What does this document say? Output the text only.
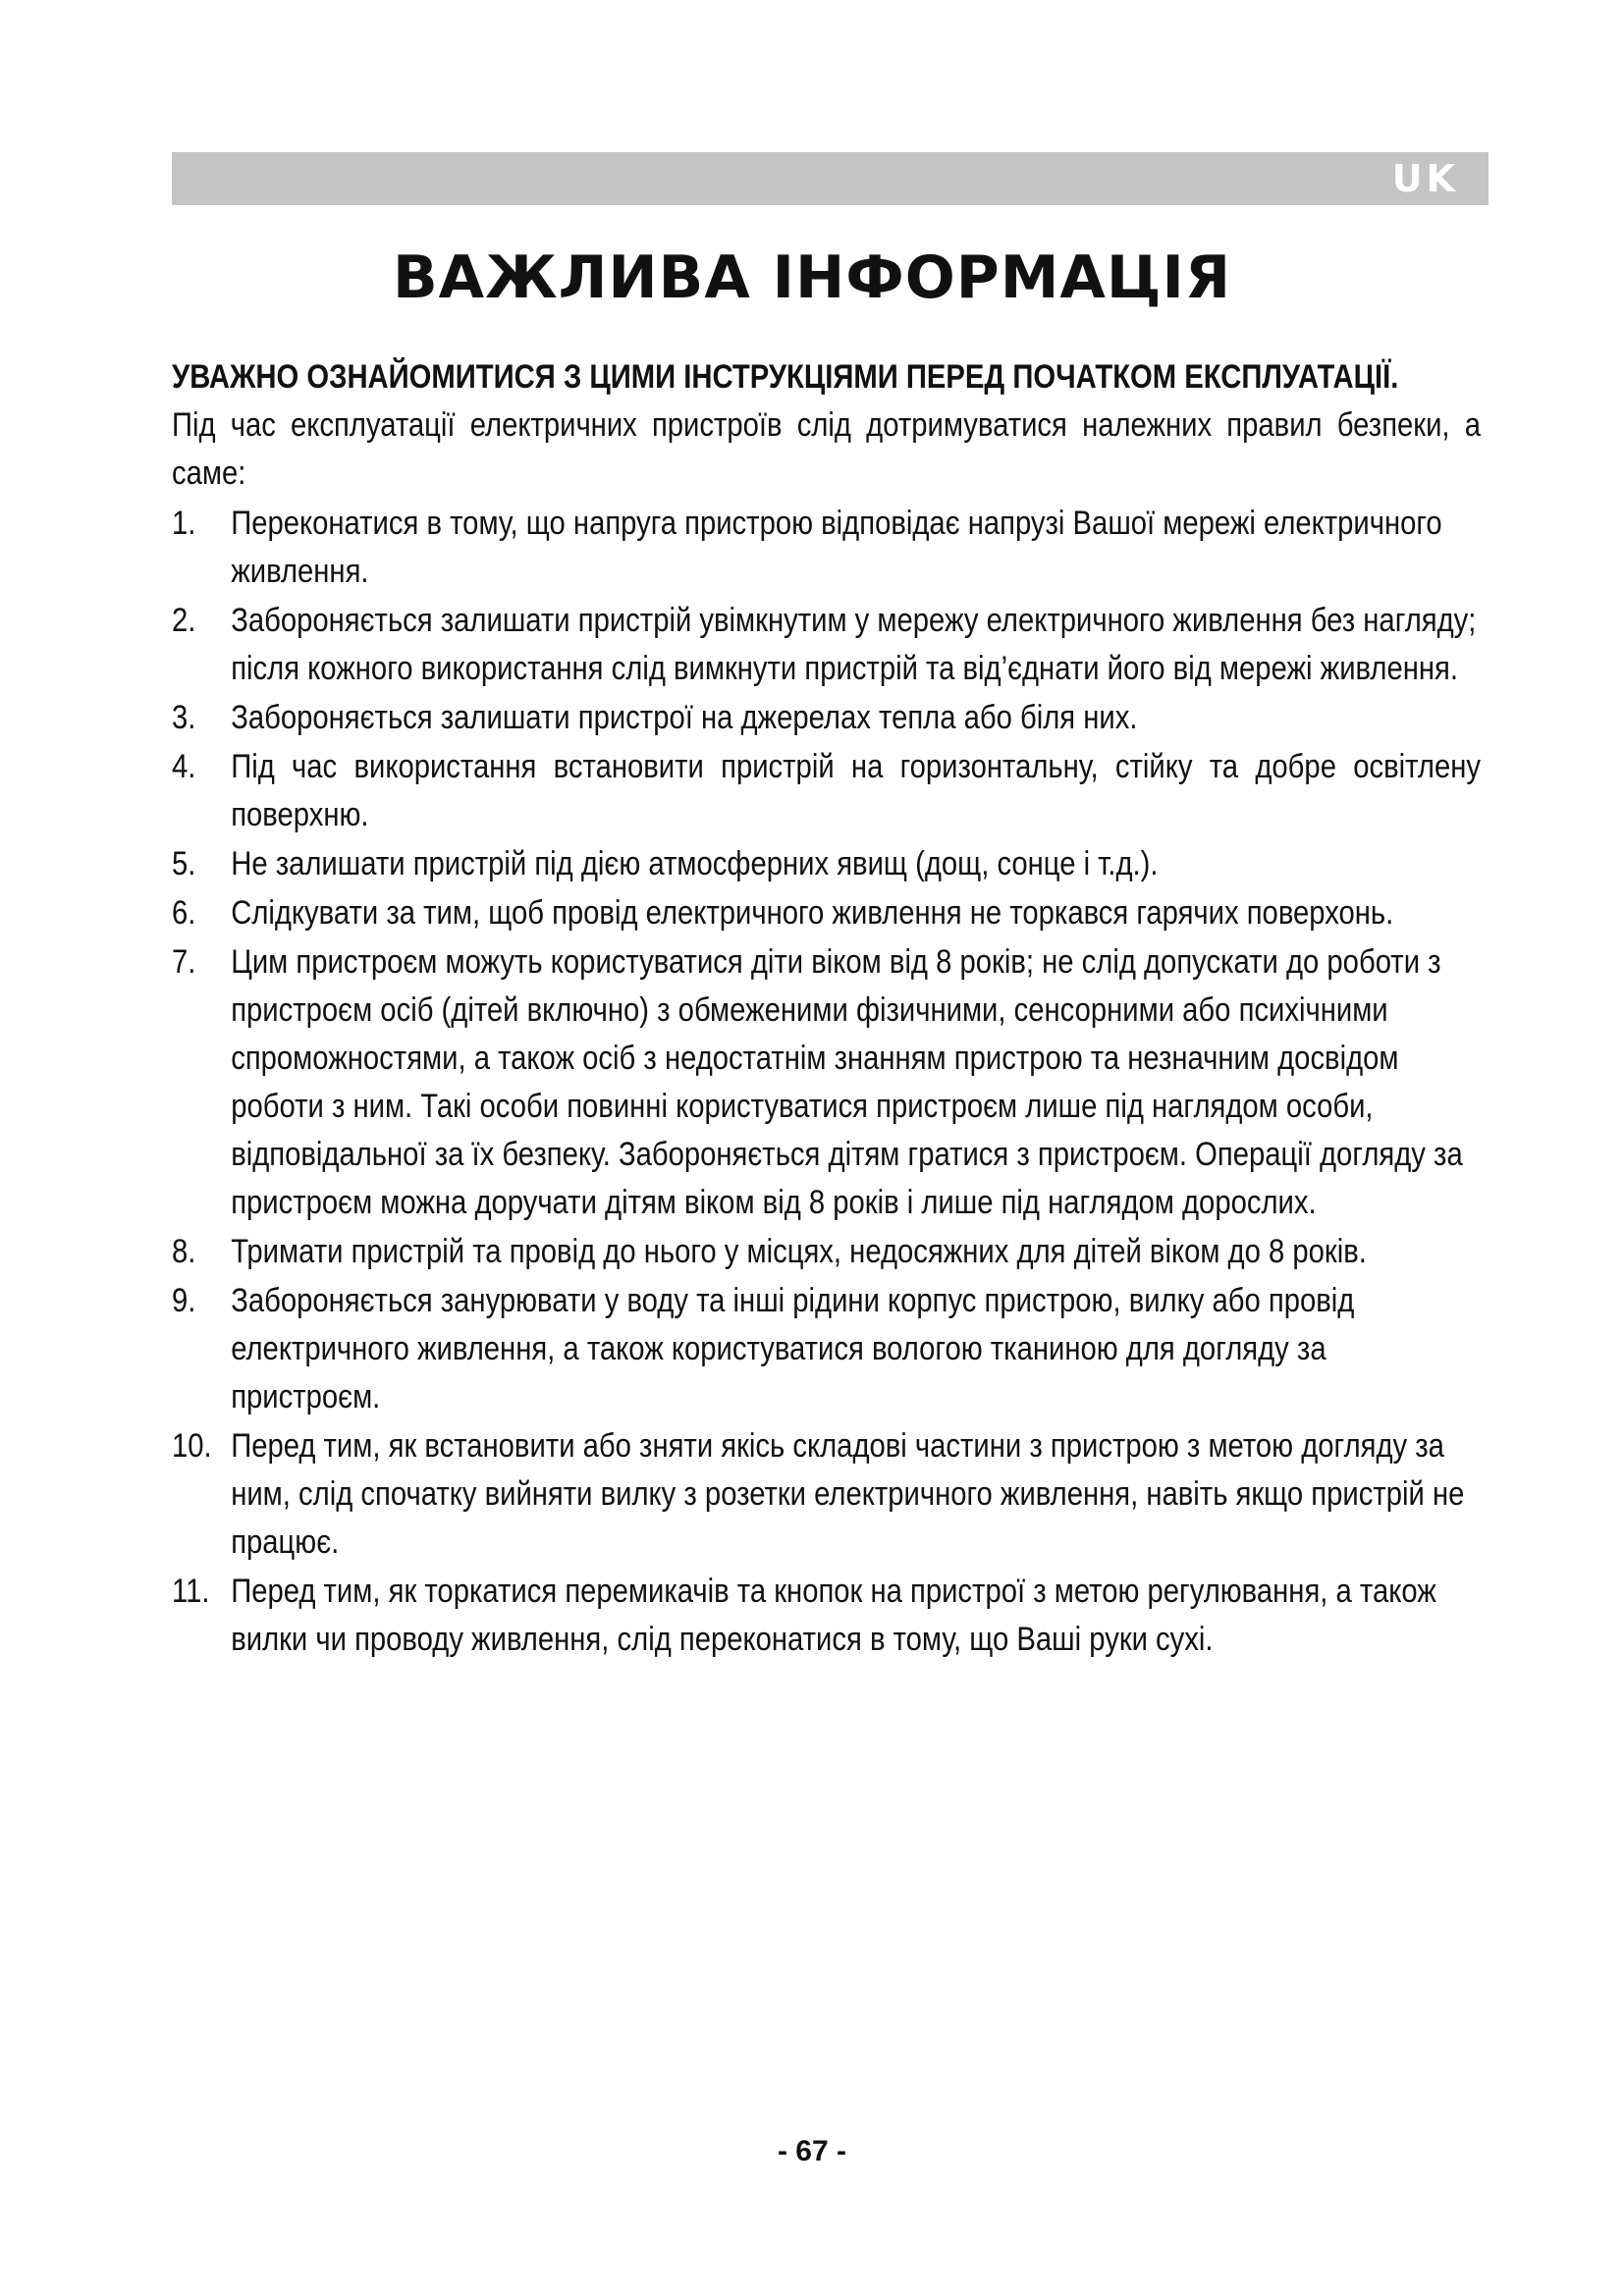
UK
ВАЖЛИВА ІНФОРМАЦІЯ

УВАЖНО ОЗНАЙОМИТИСЯ З ЦИМИ ІНСТРУКЦІЯМИ ПЕРЕД ПОЧАТКОМ ЕКСПЛУАТАЦІЇ.

Під час експлуатації електричних пристроїв слід дотримуватися належних правил безпеки, а саме:

1. Переконатися в тому, що напруга пристрою відповідає напрузі Вашої мережі електричного живлення.
2. Забороняється залишати пристрій увімкнутим у мережу електричного живлення без нагляду; після кожного використання слід вимкнути пристрій та від’єднати його від мережі живлення.
3. Забороняється залишати пристрої на джерелах тепла або біля них.
4. Під час використання встановити пристрій на горизонтальну, стійку та добре освітлену поверхню.
5. Не залишати пристрій під дією атмосферних явищ (дощ, сонце і т.д.).
6. Слідкувати за тим, щоб провід електричного живлення не торкався гарячих поверхонь.
7. Цим пристроєм можуть користуватися діти віком від 8 років; не слід допускати до роботи з пристроєм осіб (дітей включно) з обмеженими фізичними, сенсорними або психічними спроможностями, а також осіб з недостатнім знанням пристрою та незначним досвідом роботи з ним. Такі особи повинні користуватися пристроєм лише під наглядом особи, відповідальної за їх безпеку. Забороняється дітям гратися з пристроєм. Операції догляду за пристроєм можна доручати дітям віком від 8 років і лише під наглядом дорослих.
8. Тримати пристрій та провід до нього у місцях, недосяжних для дітей віком до 8 років.
9. Забороняється занурювати у воду та інші рідини корпус пристрою, вилку або провід електричного живлення, а також користуватися вологою тканиною для догляду за пристроєм.
10. Перед тим, як встановити або зняти якісь складові частини з пристрою з метою догляду за ним, слід спочатку вийняти вилку з розетки електричного живлення, навіть якщо пристрій не працює.
11. Перед тим, як торкатися перемикачів та кнопок на пристрої з метою регулювання, а також вилки чи проводу живлення, слід переконатися в тому, що Ваші руки сухі.
- 67 -
